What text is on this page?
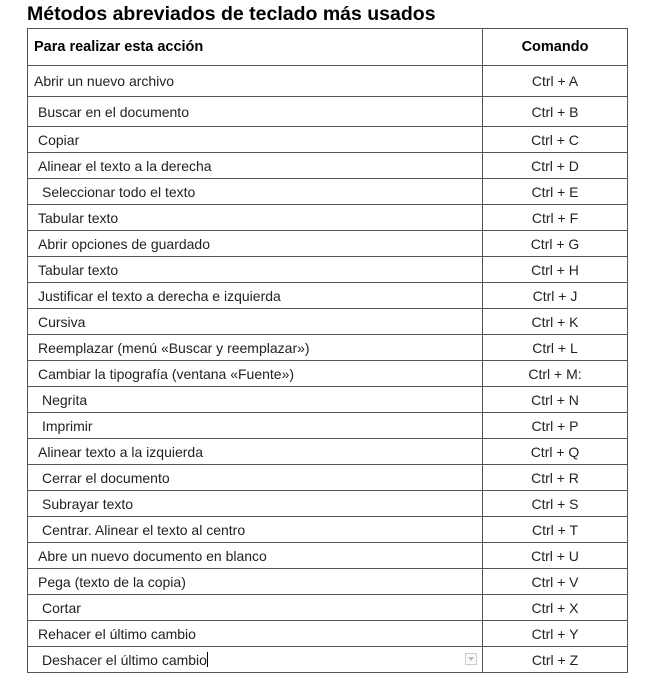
Métodos abreviados de teclado más usados
Para realizar esta acción	Comando
Abrir un nuevo archivo	Ctrl + A
Buscar en el documento	Ctrl + B
Copiar	Ctrl + C
Alinear el texto a la derecha	Ctrl + D
Seleccionar todo el texto	Ctrl + E
Tabular texto	Ctrl + F
Abrir opciones de guardado	Ctrl + G
Tabular texto	Ctrl + H
Justificar el texto a derecha e izquierda	Ctrl + J
Cursiva	Ctrl + K
Reemplazar (menú «Buscar y reemplazar»)	Ctrl + L
Cambiar la tipografía (ventana «Fuente»)	Ctrl + M:
Negrita	Ctrl + N
Imprimir	Ctrl + P
Alinear texto a la izquierda	Ctrl + Q
Cerrar el documento	Ctrl + R
Subrayar texto	Ctrl + S
Centrar. Alinear el texto al centro	Ctrl + T
Abre un nuevo documento en blanco	Ctrl + U
Pega (texto de la copia)	Ctrl + V
Cortar	Ctrl + X
Rehacer el último cambio	Ctrl + Y
Deshacer el último cambio	Ctrl + Z
